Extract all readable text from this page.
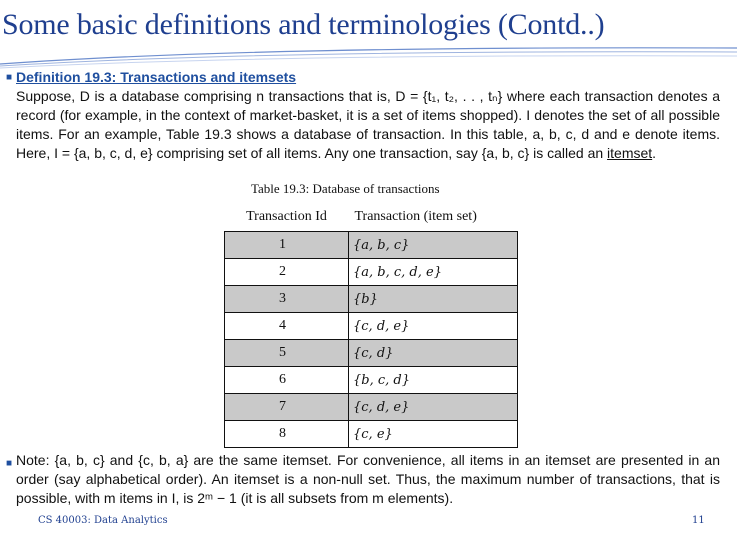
Some basic definitions and terminologies (Contd..)
■ Definition 19.3: Transactions and itemsets
Suppose, D is a database comprising n transactions that is, D = {t₁, t₂, . . , tₙ} where each transaction denotes a record (for example, in the context of market-basket, it is a set of items shopped). I denotes the set of all possible items. For an example, Table 19.3 shows a database of transaction. In this table, a, b, c, d and e denote items. Here, I = {a, b, c, d, e} comprising set of all items. Any one transaction, say {a, b, c} is called an itemset.
Table 19.3: Database of transactions
Transaction Id	Transaction (item set)
1	{a, b, c}
2	{a, b, c, d, e}
3	{b}
4	{c, d, e}
5	{c, d}
6	{b, c, d}
7	{c, d, e}
8	{c, e}
■ Note: {a, b, c} and {c, b, a} are the same itemset. For convenience, all items in an itemset are presented in an order (say alphabetical order). An itemset is a non-null set. Thus, the maximum number of transactions, that is possible, with m items in I, is 2ᵐ − 1 (it is all subsets from m elements).
CS 40003: Data Analytics	11
